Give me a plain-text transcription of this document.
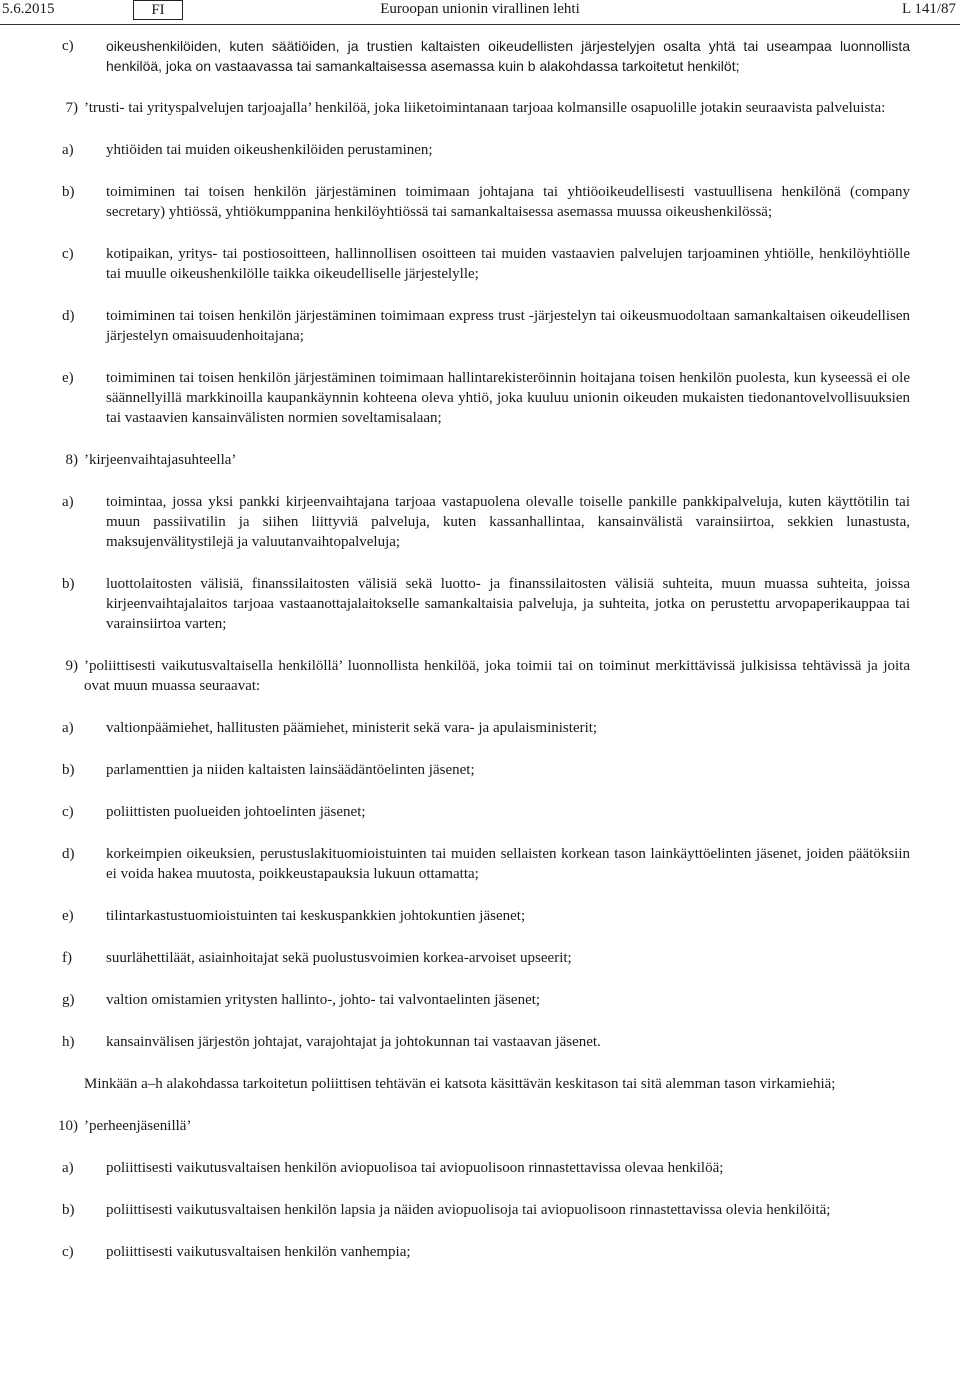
5.6.2015	FI	Euroopan unionin virallinen lehti	L 141/87
c)	oikeushenkilöiden, kuten säätiöiden, ja trustien kaltaisten oikeudellisten järjestelyjen osalta yhtä tai useampaa luonnollista henkilöä, joka on vastaavassa tai samankaltaisessa asemassa kuin b alakohdassa tarkoitetut henkilöt;
7) ’trusti- tai yrityspalvelujen tarjoajalla’ henkilöä, joka liiketoimintanaan tarjoaa kolmansille osapuolille jotakin seuraavista palveluista:
a)	yhtiöiden tai muiden oikeushenkilöiden perustaminen;
b)	toimiminen tai toisen henkilön järjestäminen toimimaan johtajana tai yhtiöoikeudellisesti vastuullisena henkilönä (company secretary) yhtiössä, yhtiökumppanina henkilöyhtiössä tai samankaltaisessa asemassa muussa oikeushenkilössä;
c)	kotipaikan, yritys- tai postiosoitteen, hallinnollisen osoitteen tai muiden vastaavien palvelujen tarjoaminen yhtiölle, henkilöyhtiölle tai muulle oikeushenkilölle taikka oikeudelliselle järjestelylle;
d)	toimiminen tai toisen henkilön järjestäminen toimimaan express trust -järjestelyn tai oikeusmuodoltaan samankaltaisen oikeudellisen järjestelyn omaisuudenhoitajana;
e)	toimiminen tai toisen henkilön järjestäminen toimimaan hallintarekisteröinnin hoitajana toisen henkilön puolesta, kun kyseessä ei ole säännellyillä markkinoilla kaupankäynnin kohteena oleva yhtiö, joka kuuluu unionin oikeuden mukaisten tiedonantovelvollisuuksien tai vastaavien kansainvälisten normien soveltamisalaan;
8) ’kirjeenvaihtajasuhteella’
a)	toimintaa, jossa yksi pankki kirjeenvaihtajana tarjoaa vastapuolena olevalle toiselle pankille pankkipalveluja, kuten käyttötilin tai muun passiivatilin ja siihen liittyviä palveluja, kuten kassanhallintaa, kansainvälistä varainsiirtoa, sekkien lunastusta, maksujenvälitystilejä ja valuutanvaihtopalveluja;
b)	luottolaitosten välisiä, finanssilaitosten välisiä sekä luotto- ja finanssilaitosten välisiä suhteita, muun muassa suhteita, joissa kirjeenvaihtajalaitos tarjoaa vastaanottajalaitokselle samankaltaisia palveluja, ja suhteita, jotka on perustettu arvopaperikauppaa tai varainsiirtoa varten;
9) ’poliittisesti vaikutusvaltaisella henkilöllä’ luonnollista henkilöä, joka toimii tai on toiminut merkittävissä julkisissa tehtävissä ja joita ovat muun muassa seuraavat:
a)	valtionpäämiehet, hallitusten päämiehet, ministerit sekä vara- ja apulaisministerit;
b)	parlamenttien ja niiden kaltaisten lainsäädäntöelinten jäsenet;
c)	poliittisten puolueiden johtoelinten jäsenet;
d)	korkeimpien oikeuksien, perustuslakituomioistuinten tai muiden sellaisten korkean tason lainkäyttöelinten jäsenet, joiden päätöksiin ei voida hakea muutosta, poikkeustapauksia lukuun ottamatta;
e)	tilintarkastustuomioistuinten tai keskuspankkien johtokuntien jäsenet;
f)	suurlähettiläät, asiainhoitajat sekä puolustusvoimien korkea-arvoiset upseerit;
g)	valtion omistamien yritysten hallinto-, johto- tai valvontaelinten jäsenet;
h)	kansainvälisen järjestön johtajat, varajohtajat ja johtokunnan tai vastaavan jäsenet.
Minkään a–h alakohdassa tarkoitetun poliittisen tehtävän ei katsota käsittävän keskitason tai sitä alemman tason virkamiehiä;
10) ’perheenjäsenillä’
a)	poliittisesti vaikutusvaltaisen henkilön aviopuolisoa tai aviopuolisoon rinnastettavissa olevaa henkilöä;
b)	poliittisesti vaikutusvaltaisen henkilön lapsia ja näiden aviopuolisoja tai aviopuolisoon rinnastettavissa olevia henkilöitä;
c)	poliittisesti vaikutusvaltaisen henkilön vanhempia;
